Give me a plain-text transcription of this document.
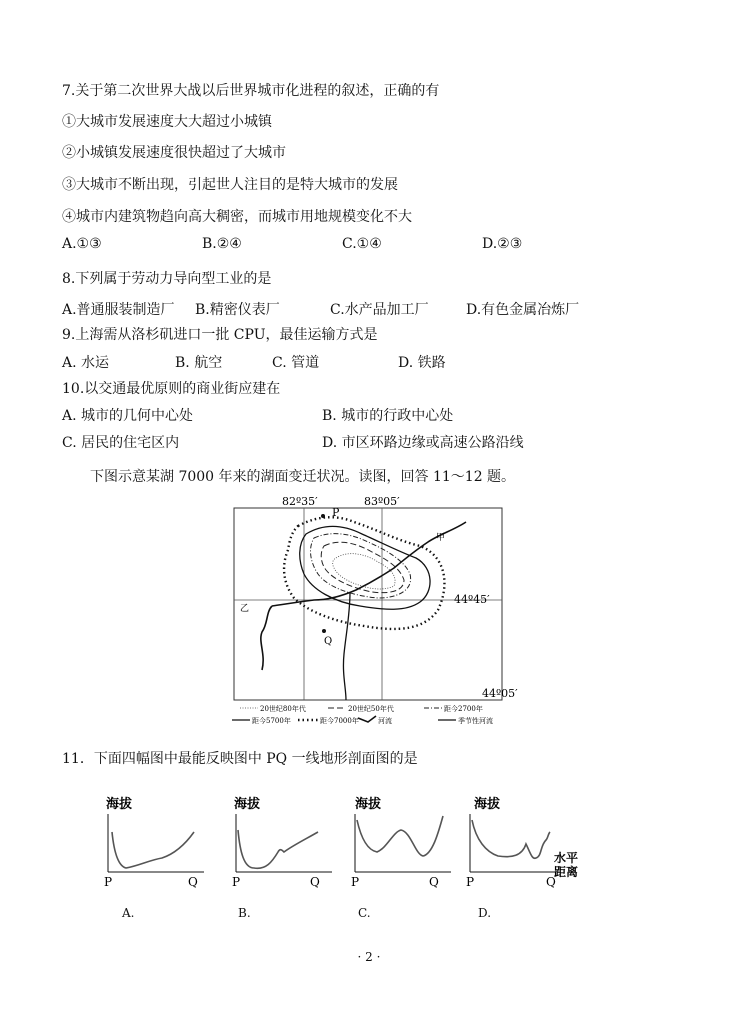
7.关于第二次世界大战以后世界城市化进程的叙述，正确的有
①大城市发展速度大大超过小城镇
②小城镇发展速度很快超过了大城市
③大城市不断出现，引起世人注目的是特大城市的发展
④城市内建筑物趋向高大稠密，而城市用地规模变化不大
A.①③	B.②④	C.①④	D.②③
8.下列属于劳动力导向型工业的是
A.普通服装制造厂 B.精密仪表厂	C.水产品加工厂	D.有色金属冶炼厂
9.上海需从洛杉矶进口一批 CPU，最佳运输方式是
A. 水运	B. 航空	C. 管道	D. 铁路
10.以交通最优原则的商业街应建在
A. 城市的几何中心处	B. 城市的行政中心处
C. 居民的住宅区内	D. 市区环路边缘或高速公路沿线
下图示意某湖 7000 年来的湖面变迁状况。读图，回答 11～12 题。
82º35′	83º05′
44º45′
44º05′
P
Q
甲
乙
20世纪80年代	20世纪50年代	距今2700年
距今5700年	距今7000年	河流	季节性河流
11．下面四幅图中最能反映图中 PQ 一线地形剖面图的是
海拔
P	Q
海拔
P	Q
海拔
P	Q
海拔
水平
距离
P	Q
A.	B.	C.	D.
· 2 ·
